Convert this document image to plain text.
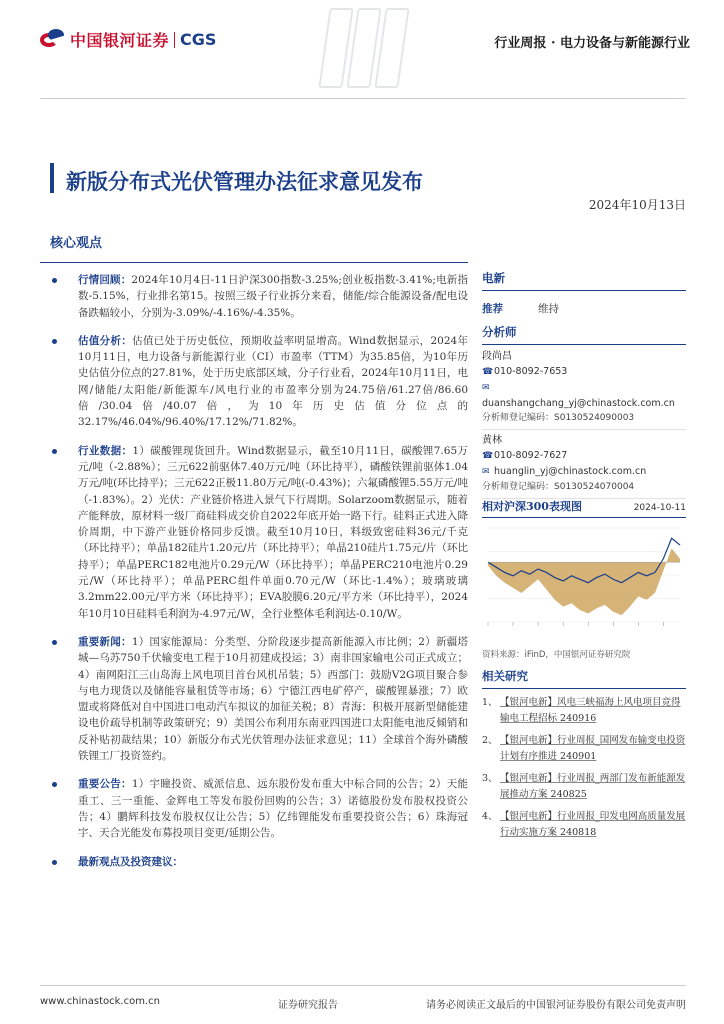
中国银河证券 CGS	行业周报 · 电力设备与新能源行业
新版分布式光伏管理办法征求意见发布
2024年10月13日
核心观点
行情回顾：2024年10月4日-11日沪深300指数-3.25%;创业板指数-3.41%;电新指数-5.15%，行业排名第15。按照三级子行业拆分来看，储能/综合能源设备/配电设备跌幅较小，分别为-3.09%/-4.16%/-4.35%。
估值分析：估值已处于历史低位，预期收益率明显增高。Wind数据显示，2024年10月11日，电力设备与新能源行业（CI）市盈率（TTM）为35.85倍，为10年历史估值分位点的27.81%，处于历史底部区域，分子行业看，2024年10月11日，电网/储能/太阳能/新能源车/风电行业的市盈率分别为24.75倍/61.27倍/86.60倍/30.04倍/40.07倍，为10年历史估值分位点的32.17%/46.04%/96.40%/17.12%/71.82%。
行业数据：1）碳酸锂现货回升。Wind数据显示，截至10月11日，碳酸锂7.65万元/吨（-2.88%）；三元622前驱体7.40万元/吨（环比持平），磷酸铁锂前驱体1.04万元/吨(环比持平)；三元622正极11.80万元/吨(-0.43%)；六氟磷酸锂5.55万元/吨（-1.83%）。2）光伏：产业链价格进入景气下行周期。Solarzoom数据显示，随着产能释放，原材料一级厂商硅料成交价自2022年底开始一路下行。硅料正式进入降价周期，中下游产业链价格同步反馈。截至10月10日，料级致密硅料36元/千克（环比持平）；单晶182硅片1.20元/片（环比持平）；单晶210硅片1.75元/片（环比持平）；单晶PERC182电池片0.29元/W（环比持平）；单晶PERC210电池片0.29元/W（环比持平）；单晶PERC组件单面0.70元/W（环比-1.4%）；玻璃玻璃3.2mm22.00元/平方米（环比持平）；EVA胶膜6.20元/平方米（环比持平），2024年10月10日硅料毛利润为-4.97元/W，全行业整体毛利润达-0.10/W。
重要新闻：1）国家能源局：分类型、分阶段逐步提高新能源入市比例；2）新疆塔城—乌苏750千伏输变电工程于10月初建成投运；3）南非国家输电公司正式成立；4）南网阳江三山岛海上风电项目首台风机吊装；5）西部门：鼓励V2G项目聚合参与电力现货以及储能容量租赁等市场；6）宁德江西电矿停产，碳酸锂暴涨；7）欧盟或将降低对自中国进口电动汽车拟议的加征关税；8）青海：积极开展新型储能建设电价疏导机制等政策研究；9）美国公布利用东南亚四国进口太阳能电池反倾销和反补贴初裁结果；10）新版分布式光伏管理办法征求意见；11）全球首个海外磷酸铁锂工厂投资签约。
重要公告：1）宇瞳投资、威派信息、远东股份发布重大中标合同的公告；2）天能重工、三一重能、金辉电工等发布股份回购的公告；3）诺德股份发布股权投资公告；4）鹏辉科技发布股权仅让公告；5）亿纬锂能发布重要投资公告；6）珠海冠宇、天合光能发布募投项目变更/延期公告。
最新观点及投资建议：
电新
推荐	维持
分析师
段尚昌
☎010-8092-7653
✉duanshangchang_yj@chinastock.com.cn
分析师登记编码：S0130524090003
黄林
☎010-8092-7627
✉ huanglin_yj@chinastock.com.cn
分析师登记编码：S0130524070004
相对沪深300表现图	2024-10-11
资料来源：iFinD，中国银河证券研究院
相关研究
1、 【银河电新】风电三峡福海上风电项目竞得输电工程招标 240916
2、 【银河电新】行业周报_国网发布输变电投资计划有序推进 240901
3、 【银河电新】行业周报_两部门发布新能源发展推动方案 240825
4、 【银河电新】行业周报_印发电网高质量发展行动实施方案 240818
www.chinastock.com.cn	证券研究报告	请务必阅读正文最后的中国银河证券股份有限公司免责声明
